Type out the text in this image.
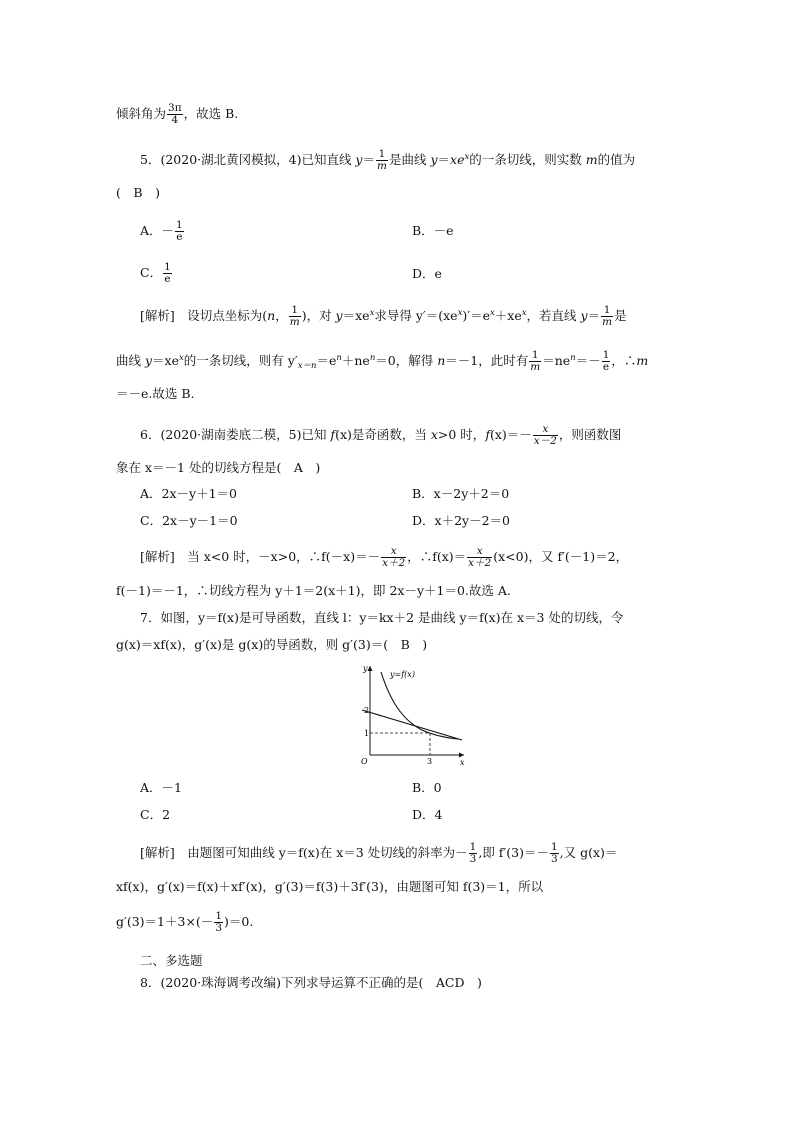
倾斜角为 $\frac{3\pi}{4}$ ，故选 B.
5．(2020·湖北黄冈模拟，4)已知直线 $y= \frac{1}{m}$ 是曲线 $y=xe^x$的一条切线，则实数 m的值为
(　B　)
A．－ $\frac{1}{e}$	B．－e
C． $\frac{1}{e}$	D．e
[解析]　设切点坐标为(n， $\frac{1}{m}$ )，对 $y=xe^x$求导得 $y'=(xe^x)'=e^x+xe^x$，若直线 $y= \frac{1}{m}$ 是
曲线 $y=xe^x$的一条切线，则有 $y'_{x=n}=e^n+ne^n=0$，解得 n＝－1，此时有 $\frac{1}{m} =ne^n=- \frac{1}{e}$ ，∴m
＝－e.故选 B.
6．(2020·湖南娄底二模，5)已知 f(x)是奇函数，当 x>0 时，$f(x)=- \frac{x}{x-2}$ ，则函数图
象在 x＝－1 处的切线方程是(　A　)
A．2x－y＋1＝0	B．x－2y＋2＝0
C．2x－y－1＝0	D．x＋2y－2＝0
[解析]　当 x<0 时，－x>0，∴f(－x)＝－ $\frac{x}{x+2}$ ，∴f(x)＝ $\frac{x}{x+2} (x<0)$，又 f′(－1)＝2，
f(－1)＝－1，∴切线方程为 y＋1＝2(x＋1)，即 2x－y＋1＝0.故选 A.
7．如图，y＝f(x)是可导函数，直线 l：y＝kx＋2 是曲线 y＝f(x)在 x＝3 处的切线，令
g(x)＝xf(x)，g′(x)是 g(x)的导函数，则 g′(3)＝(　B　)
y=f(x)
y
x
O
2
1
3
A．－1	B．0
C．2	D．4
[解析]　由题图可知曲线 y＝f(x)在 x＝3 处切线的斜率为－ $\frac{1}{3}$ ,即 $f'(3)=- \frac{1}{3}$ ,又 g(x)＝
xf(x)，g′(x)＝f(x)＋xf′(x)，g′(3)＝f(3)＋3f′(3)，由题图可知 f(3)＝1，所以
$g'(3)=1+3\times(- \frac{1}{3} )=0$.
二、多选题
8．(2020·珠海调考改编)下列求导运算不正确的是(　ACD　)
